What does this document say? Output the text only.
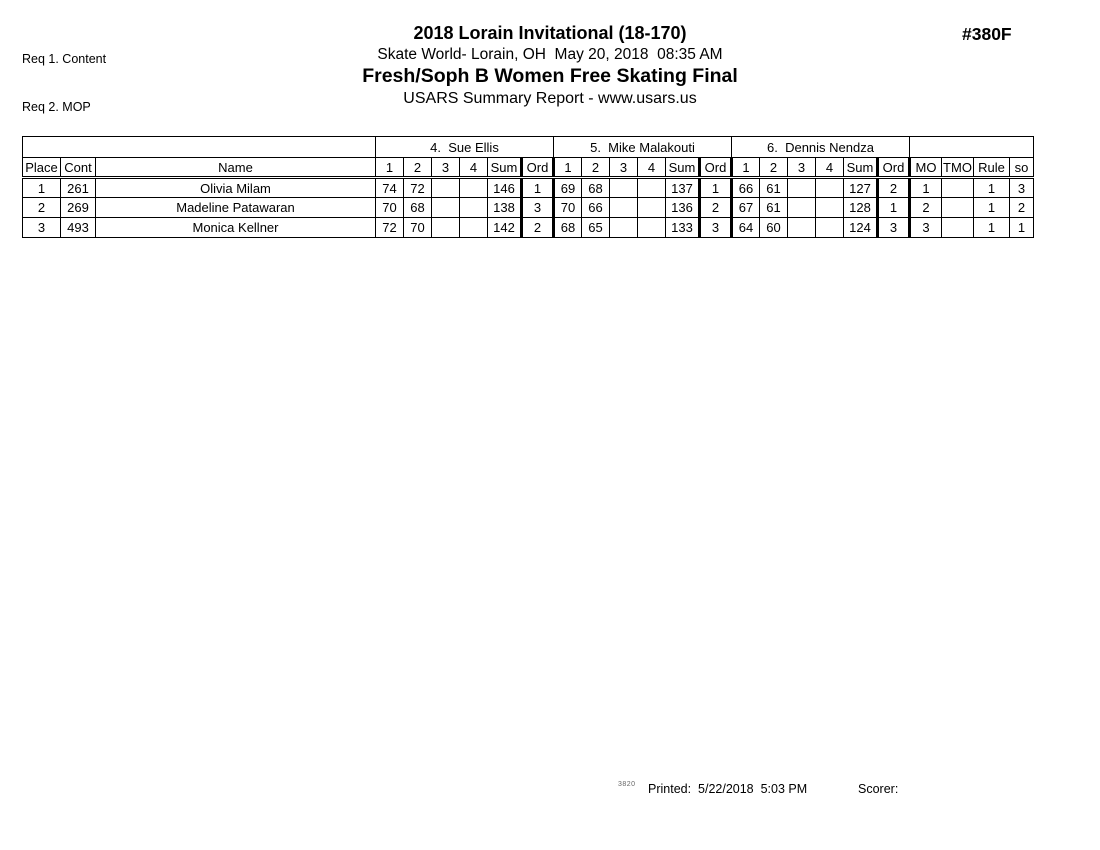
Req 1. Content

Req 2. MOP

2018 Lorain Invitational (18-170)
Skate World- Lorain, OH  May 20, 2018  08:35 AM
Fresh/Soph B Women Free Skating Final
USARS Summary Report - www.usars.us
#380F
			4.  Sue Ellis						5.  Mike Malakouti						6.  Dennis Nendza									
Place	Cont	Name	1	2	3	4	Sum	Ord	1	2	3	4	Sum	Ord	1	2	3	4	Sum	Ord	MO	TMO	Rule	so
1	261	Olivia Milam	74	72			146	1	69	68			137	1	66	61			127	2	1		1	3
2	269	Madeline Patawaran	70	68			138	3	70	66			136	2	67	61			128	1	2		1	2
3	493	Monica Kellner	72	70			142	2	68	65			133	3	64	60			124	3	3		1	1
3820 Printed:  5/22/2018  5:03 PM	Scorer:
